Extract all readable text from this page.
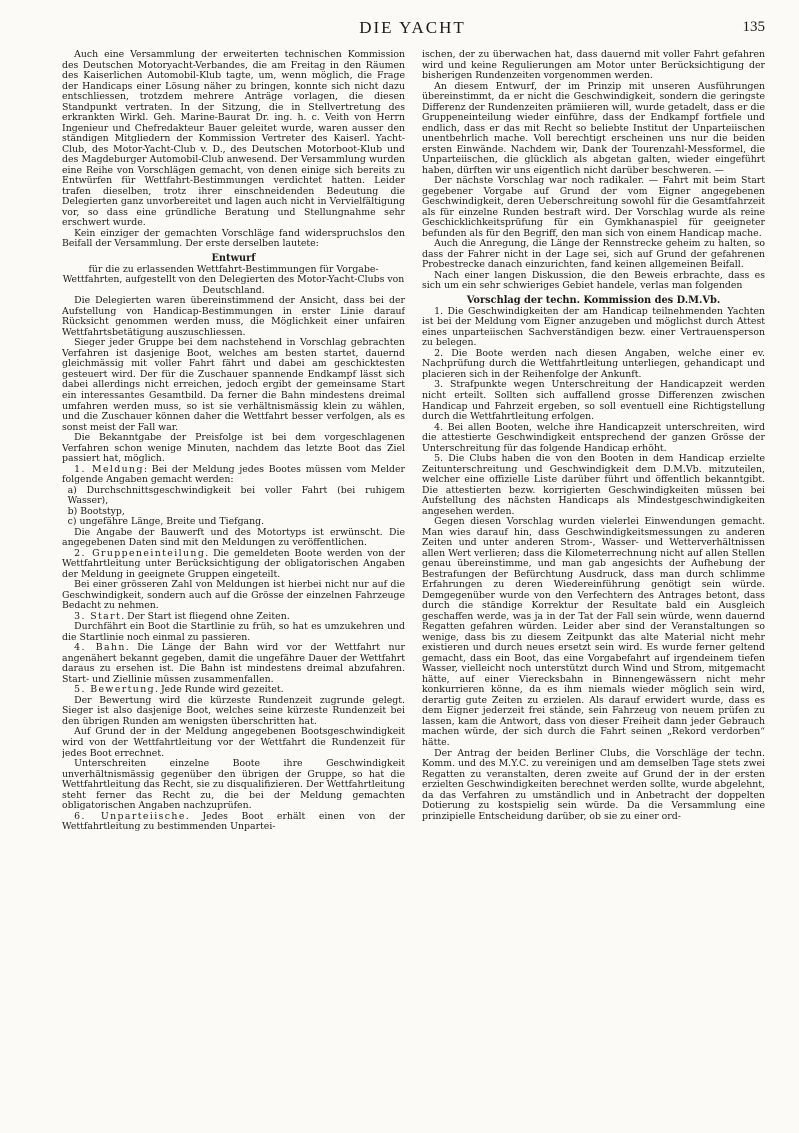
DIE YACHT	135

Auch eine Versammlung der erweiterten technischen Kommission des Deutschen Motoryacht-Verbandes, die am Freitag in den Räumen des Kaiserlichen Automobil-Klub tagte, um, wenn möglich, die Frage der Handicaps einer Lösung näher zu bringen, konnte sich nicht dazu entschliessen, trotzdem mehrere Anträge vorlagen, die diesen Standpunkt vertraten. In der Sitzung, die in Stellvertretung des erkrankten Wirkl. Geh. Marine-Baurat Dr. ing. h. c. Veith von Herrn Ingenieur und Chefredakteur Bauer geleitet wurde, waren ausser den ständigen Mitgliedern der Kommission Vertreter des Kaiserl. Yacht-Club, des Motor-Yacht-Club v. D., des Deutschen Motorboot-Klub und des Magdeburger Automobil-Club anwesend. Der Versammlung wurden eine Reihe von Vorschlägen gemacht, von denen einige sich bereits zu Entwürfen für Wettfahrt-Bestimmungen verdichtet hatten. Leider trafen dieselben, trotz ihrer einschneidenden Bedeutung die Delegierten ganz unvorbereitet und lagen auch nicht in Vervielfältigung vor, so dass eine gründliche Beratung und Stellungnahme sehr erschwert wurde.

Kein einziger der gemachten Vorschläge fand widerspruchslos den Beifall der Versammlung. Der erste derselben lautete:

Entwurf

für die zu erlassenden Wettfahrt-Bestimmungen für Vorgabe-Wettfahrten, aufgestellt von den Delegierten des Motor-Yacht-Clubs von Deutschland.

Die Delegierten waren übereinstimmend der Ansicht, dass bei der Aufstellung von Handicap-Bestimmungen in erster Linie darauf Rücksicht genommen werden muss, die Möglichkeit einer unfairen Wettfahrtsbetätigung auszuschliessen.

Sieger jeder Gruppe bei dem nachstehend in Vorschlag gebrachten Verfahren ist dasjenige Boot, welches am besten startet, dauernd gleichmässig mit voller Fahrt fährt und dabei am geschicktesten gesteuert wird. Der für die Zuschauer spannende Endkampf lässt sich dabei allerdings nicht erreichen, jedoch ergibt der gemeinsame Start ein interessantes Gesamtbild. Da ferner die Bahn mindestens dreimal umfahren werden muss, so ist sie verhältnismässig klein zu wählen, und die Zuschauer können daher die Wettfahrt besser verfolgen, als es sonst meist der Fall war.

Die Bekanntgabe der Preisfolge ist bei dem vorgeschlagenen Verfahren schon wenige Minuten, nachdem das letzte Boot das Ziel passiert hat, möglich.

1. Meldung: Bei der Meldung jedes Bootes müssen vom Melder folgende Angaben gemacht werden:

a) Durchschnittsgeschwindigkeit bei voller Fahrt (bei ruhigem Wasser),

b) Bootstyp,

c) ungefähre Länge, Breite und Tiefgang.

Die Angabe der Bauwerft und des Motortyps ist erwünscht. Die angegebenen Daten sind mit den Meldungen zu veröffentlichen.

2. Gruppeneinteilung. Die gemeldeten Boote werden von der Wettfahrtleitung unter Berücksichtigung der obligatorischen Angaben der Meldung in geeignete Gruppen eingeteilt.

Bei einer grösseren Zahl von Meldungen ist hierbei nicht nur auf die Geschwindigkeit, sondern auch auf die Grösse der einzelnen Fahrzeuge Bedacht zu nehmen.

3. Start. Der Start ist fliegend ohne Zeiten.

Durchfährt ein Boot die Startlinie zu früh, so hat es umzukehren und die Startlinie noch einmal zu passieren.

4. Bahn. Die Länge der Bahn wird vor der Wettfahrt nur angenähert bekannt gegeben, damit die ungefähre Dauer der Wettfahrt daraus zu ersehen ist. Die Bahn ist mindestens dreimal abzufahren. Start- und Ziellinie müssen zusammenfallen.

5. Bewertung. Jede Runde wird gezeitet.

Der Bewertung wird die kürzeste Rundenzeit zugrunde gelegt. Sieger ist also dasjenige Boot, welches seine kürzeste Rundenzeit bei den übrigen Runden am wenigsten überschritten hat.

Auf Grund der in der Meldung angegebenen Bootsgeschwindigkeit wird von der Wettfahrtleitung vor der Wettfahrt die Rundenzeit für jedes Boot errechnet.

Unterschreiten einzelne Boote ihre Geschwindigkeit unverhältnismässig gegenüber den übrigen der Gruppe, so hat die Wettfahrtleitung das Recht, sie zu disqualifizieren. Der Wettfahrtleitung steht ferner das Recht zu, die bei der Meldung gemachten obligatorischen Angaben nachzuprüfen.

6. Unparteiische. Jedes Boot erhält einen von der Wettfahrtleitung zu bestimmenden Unpartei-

ischen, der zu überwachen hat, dass dauernd mit voller Fahrt gefahren wird und keine Regulierungen am Motor unter Berücksichtigung der bisherigen Rundenzeiten vorgenommen werden.

An diesem Entwurf, der im Prinzip mit unseren Ausführungen übereinstimmt, da er nicht die Geschwindigkeit, sondern die geringste Differenz der Rundenzeiten prämiieren will, wurde getadelt, dass er die Gruppeneinteilung wieder einführe, dass der Endkampf fortfiele und endlich, dass er das mit Recht so beliebte Institut der Unparteiischen unentbehrlich mache. Voll berechtigt erscheinen uns nur die beiden ersten Einwände. Nachdem wir, Dank der Tourenzahl-Messformel, die Unparteiischen, die glücklich als abgetan galten, wieder eingeführt haben, dürften wir uns eigentlich nicht darüber beschweren. —

Der nächste Vorschlag war noch radikaler. — Fahrt mit beim Start gegebener Vorgabe auf Grund der vom Eigner angegebenen Geschwindigkeit, deren Ueberschreitung sowohl für die Gesamtfahrzeit als für einzelne Runden bestraft wird. Der Vorschlag wurde als reine Geschicklichkeitsprüfung für ein Gymkhanaspiel für geeigneter befunden als für den Begriff, den man sich von einem Handicap mache.

Auch die Anregung, die Länge der Rennstrecke geheim zu halten, so dass der Fahrer nicht in der Lage sei, sich auf Grund der gefahrenen Probestrecke danach einzurichten, fand keinen allgemeinen Beifall.

Nach einer langen Diskussion, die den Beweis erbrachte, dass es sich um ein sehr schwieriges Gebiet handele, verlas man folgenden

Vorschlag der techn. Kommission des D.M.Vb.

1. Die Geschwindigkeiten der am Handicap teilnehmenden Yachten ist bei der Meldung vom Eigner anzugeben und möglichst durch Attest eines unparteiischen Sachverständigen bezw. einer Vertrauensperson zu belegen.

2. Die Boote werden nach diesen Angaben, welche einer ev. Nachprüfung durch die Wettfahrtleitung unterliegen, gehandicapt und placieren sich in der Reihenfolge der Ankunft.

3. Strafpunkte wegen Unterschreitung der Handicapzeit werden nicht erteilt. Sollten sich auffallend grosse Differenzen zwischen Handicap und Fahrzeit ergeben, so soll eventuell eine Richtigstellung durch die Wettfahrtleitung erfolgen.

4. Bei allen Booten, welche ihre Handicapzeit unterschreiten, wird die attestierte Geschwindigkeit entsprechend der ganzen Grösse der Unterschreitung für das folgende Handicap erhöht.

5. Die Clubs haben die von den Booten in dem Handicap erzielte Zeitunterschreitung und Geschwindigkeit dem D.M.Vb. mitzuteilen, welcher eine offizielle Liste darüber führt und öffentlich bekanntgibt. Die attestierten bezw. korrigierten Geschwindigkeiten müssen bei Aufstellung des nächsten Handicaps als Mindestgeschwindigkeiten angesehen werden.

Gegen diesen Vorschlag wurden vielerlei Einwendungen gemacht. Man wies darauf hin, dass Geschwindigkeitsmessungen zu anderen Zeiten und unter anderen Strom-, Wasser- und Wetterverhältnissen allen Wert verlieren; dass die Kilometerrechnung nicht auf allen Stellen genau übereinstimme, und man gab angesichts der Aufhebung der Bestrafungen der Befürchtung Ausdruck, dass man durch schlimme Erfahrungen zu deren Wiedereinführung genötigt sein würde. Demgegenüber wurde von den Verfechtern des Antrages betont, dass durch die ständige Korrektur der Resultate bald ein Ausgleich geschaffen werde, was ja in der Tat der Fall sein würde, wenn dauernd Regatten gefahren würden. Leider aber sind der Veranstaltungen so wenige, dass bis zu diesem Zeitpunkt das alte Material nicht mehr existieren und durch neues ersetzt sein wird. Es wurde ferner geltend gemacht, dass ein Boot, das eine Vorgabefahrt auf irgendeinem tiefen Wasser, vielleicht noch unterstützt durch Wind und Strom, mitgemacht hätte, auf einer Vierecksbahn in Binnengewässern nicht mehr konkurrieren könne, da es ihm niemals wieder möglich sein wird, derartig gute Zeiten zu erzielen. Als darauf erwidert wurde, dass es dem Eigner jederzeit frei stände, sein Fahrzeug von neuem prüfen zu lassen, kam die Antwort, dass von dieser Freiheit dann jeder Gebrauch machen würde, der sich durch die Fahrt seinen „Rekord verdorben“ hätte.

Der Antrag der beiden Berliner Clubs, die Vorschläge der techn. Komm. und des M.Y.C. zu vereinigen und am demselben Tage stets zwei Regatten zu veranstalten, deren zweite auf Grund der in der ersten erzielten Geschwindigkeiten berechnet werden sollte, wurde abgelehnt, da das Verfahren zu umständlich und in Anbetracht der doppelten Dotierung zu kostspielig sein würde. Da die Versammlung eine prinzipielle Entscheidung darüber, ob sie zu einer ord-
